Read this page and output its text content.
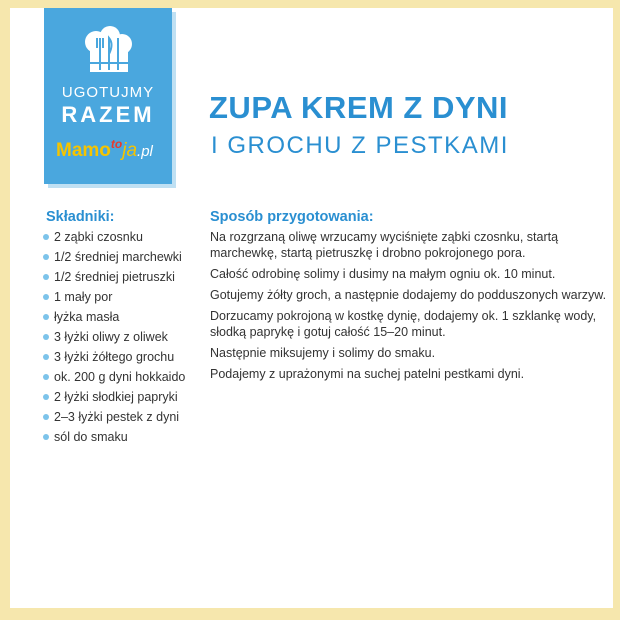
UGOTUJMY
RAZEM
Mamo$^{to}$ja.pl
ZUPA KREM Z DYNI
I GROCHU Z PESTKAMI
Składniki:
2 ząbki czosnku
1/2 średniej marchewki
1/2 średniej pietruszki
1 mały por
łyżka masła
3 łyżki oliwy z oliwek
3 łyżki żółtego grochu
ok. 200 g dyni hokkaido
2 łyżki słodkiej papryki
2–3 łyżki pestek z dyni
sól do smaku
Sposób przygotowania:

Na rozgrzaną oliwę wrzucamy wyciśnięte ząbki czosnku, startą marchewkę, startą pietruszkę i drobno pokrojonego pora.

Całość odrobinę solimy i dusimy na małym ogniu ok. 10 minut.

Gotujemy żółty groch, a następnie dodajemy do podduszonych warzyw.

Dorzucamy pokrojoną w kostkę dynię, dodajemy ok. 1 szklankę wody, słodką paprykę i gotuj całość 15–20 minut.

Następnie miksujemy i solimy do smaku.

Podajemy z uprażonymi na suchej patelni pestkami dyni.
